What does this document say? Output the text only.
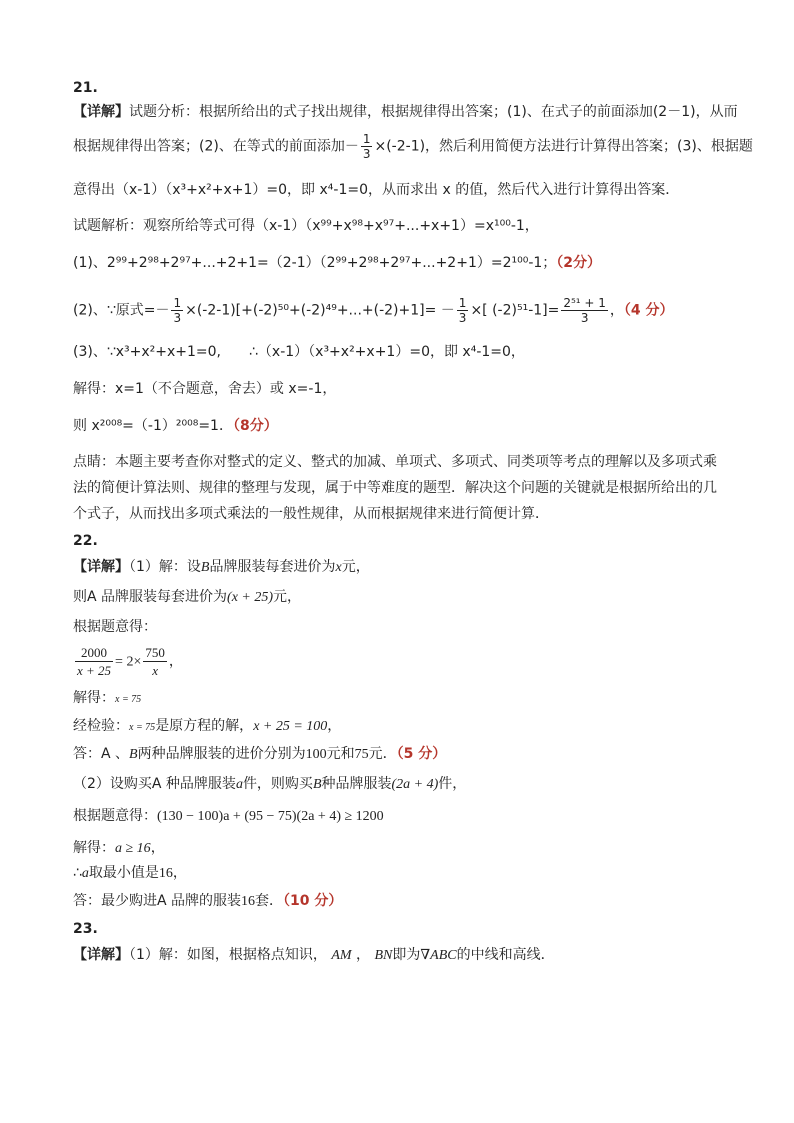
21.
【详解】试题分析：根据所给出的式子找出规律，根据规律得出答案；(1)、在式子的前面添加(2－1)，从而
根据规律得出答案；(2)、在等式的前面添加－ $\frac{1}{3} \times(-2-1)$，然后利用简便方法进行计算得出答案；(3)、根据题
意得出（x-1）（x³+x²+x+1）=0，即 x⁴-1=0，从而求出 x 的值，然后代入进行计算得出答案．
试题解析：观察所给等式可得（x-1）（x⁹⁹+x⁹⁸+x⁹⁷+...+x+1）=x¹⁰⁰-1，
(1)、2⁹⁹+2⁹⁸+2⁹⁷+...+2+1=（2-1）（2⁹⁹+2⁹⁸+2⁹⁷+...+2+1）=2¹⁰⁰-1；（2分）
(2)、∵原式=－ $\frac{1}{3} \times(-2-1)[+(-2)^{50}+(-2)^{49}+...+(-2)+1]= - \frac{1}{3}$ ×[ $(-2)^{51}-1]= \frac{\text{2⁵¹ + 1}}{3}$ ，（4 分）
(3)、∵x³+x²+x+1=0,　　∴（x-1）（x³+x²+x+1）=0，即 x⁴-1=0，
解得：x=1（不合题意，舍去）或 x=-1，
则 x²⁰⁰⁸=（-1）²⁰⁰⁸=1．（8分）
点睛：本题主要考查你对整式的定义、整式的加减、单项式、多项式、同类项等考点的理解以及多项式乘
法的简便计算法则、规律的整理与发现，属于中等难度的题型．解决这个问题的关键就是根据所给出的几
个式子，从而找出多项式乘法的一般性规律，从而根据规律来进行简便计算．
22.
【详解】（1）解：设B品牌服装每套进价为x元，
则A 品牌服装每套进价为(x + 25)元，
根据题意得：
$\frac{2000}{x + 25} = 2\times \frac{750}{x}$ ，
解得：x = 75
经检验：x = 75是原方程的解，x + 25 = 100，
答：A 、B两种品牌服装的进价分别为100元和75元．（5 分）
（2）设购买A 种品牌服装a件，则购买B种品牌服装(2a + 4)件，
根据题意得：(130 − 100)a + (95 − 75)(2a + 4) ≥ 1200
解得：a ≥ 16，
∴a取最小值是16，
答：最少购进A 品牌的服装16套．（10 分）
23.
【详解】（1）解：如图，根据格点知识， AM ， BN即为∇ABC的中线和高线．
